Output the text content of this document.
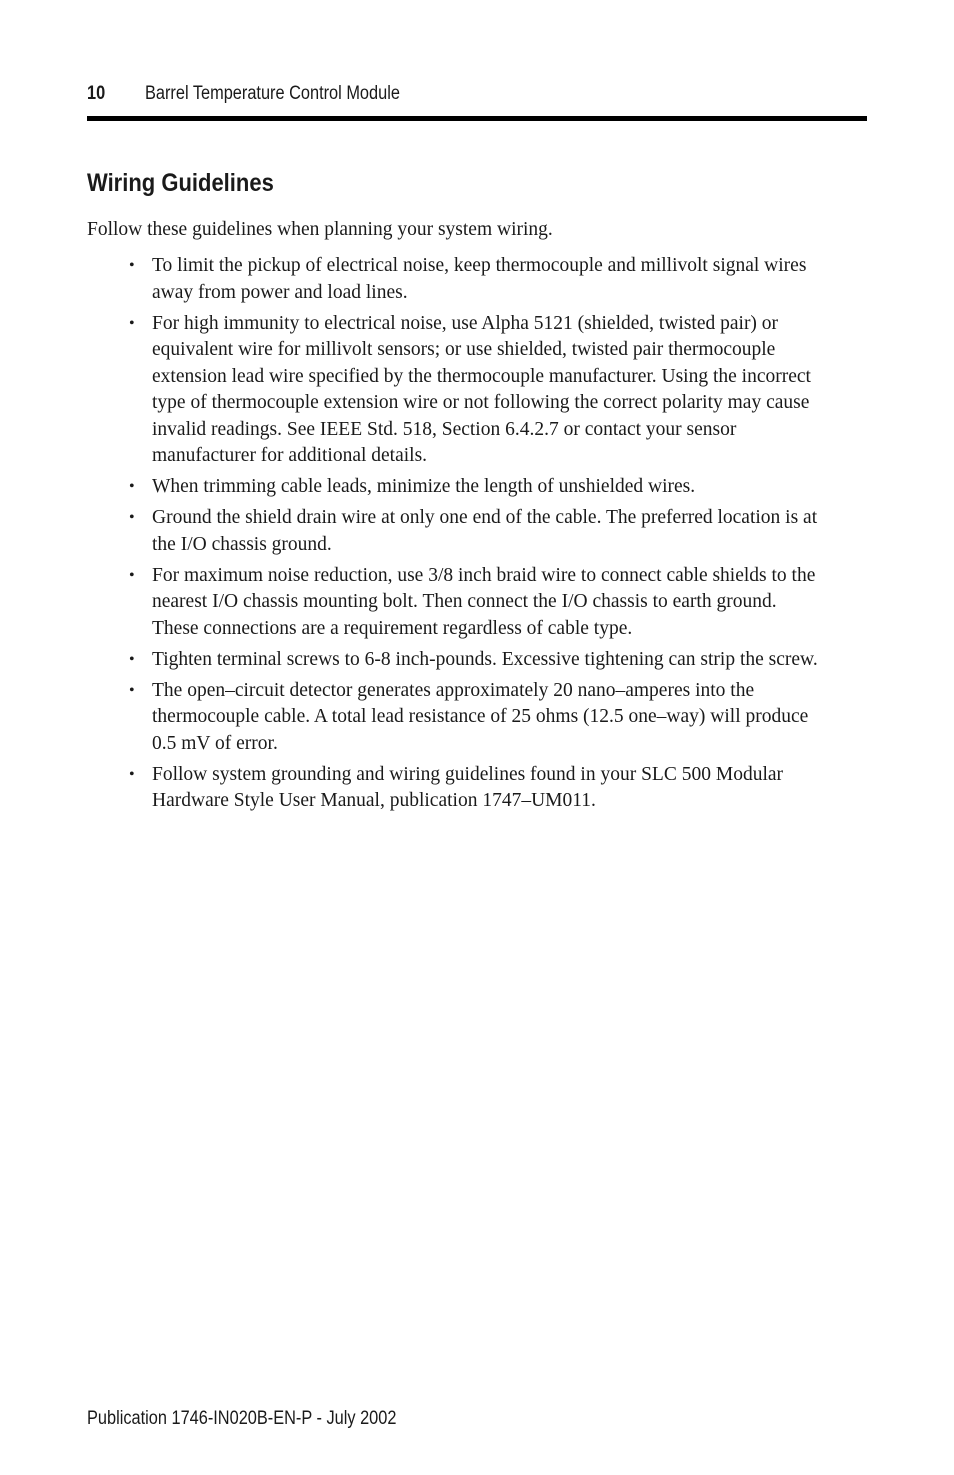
10 Barrel Temperature Control Module
Wiring Guidelines

Follow these guidelines when planning your system wiring.

• To limit the pickup of electrical noise, keep thermocouple and millivolt signal wires
away from power and load lines.
• For high immunity to electrical noise, use Alpha 5121 (shielded, twisted pair) or
equivalent wire for millivolt sensors; or use shielded, twisted pair thermocouple
extension lead wire specified by the thermocouple manufacturer. Using the incorrect
type of thermocouple extension wire or not following the correct polarity may cause
invalid readings. See IEEE Std. 518, Section 6.4.2.7 or contact your sensor
manufacturer for additional details.
• When trimming cable leads, minimize the length of unshielded wires.
• Ground the shield drain wire at only one end of the cable. The preferred location is at
the I/O chassis ground.
• For maximum noise reduction, use 3/8 inch braid wire to connect cable shields to the
nearest I/O chassis mounting bolt. Then connect the I/O chassis to earth ground.
These connections are a requirement regardless of cable type.
• Tighten terminal screws to 6-8 inch-pounds. Excessive tightening can strip the screw.
• The open–circuit detector generates approximately 20 nano–amperes into the
thermocouple cable. A total lead resistance of 25 ohms (12.5 one–way) will produce
0.5 mV of error.
• Follow system grounding and wiring guidelines found in your SLC 500 Modular
Hardware Style User Manual, publication 1747–UM011.
Publication 1746-IN020B-EN-P - July 2002
